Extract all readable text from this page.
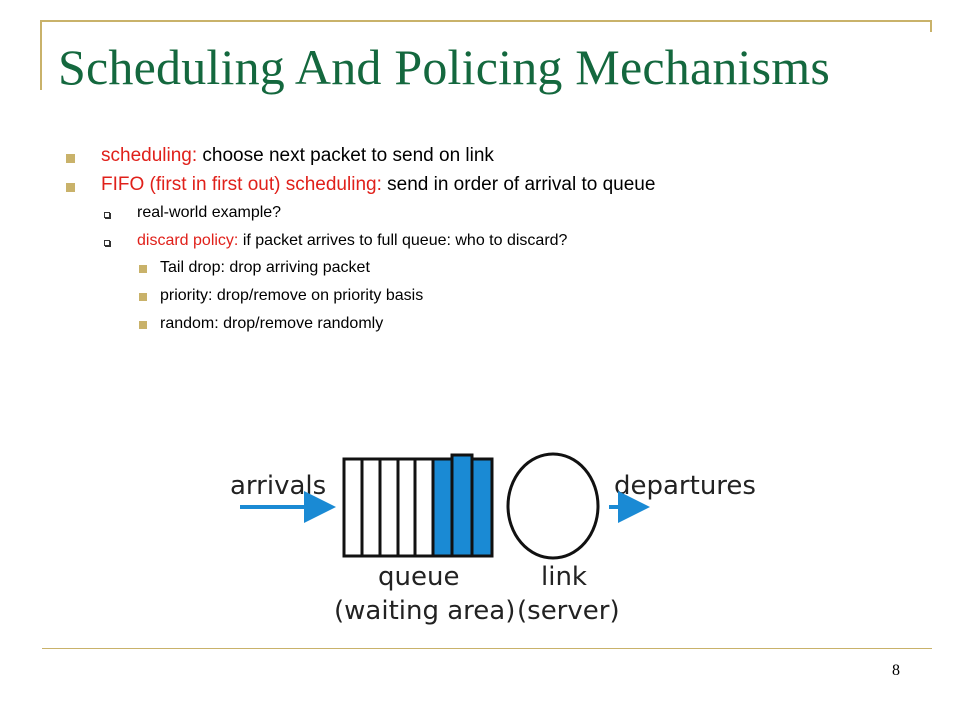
Scheduling And Policing Mechanisms
scheduling: choose next packet to send on link
FIFO (first in first out) scheduling: send in order of arrival to queue
real-world example?
discard policy: if packet arrives to full queue: who to discard?
Tail drop: drop arriving packet
priority: drop/remove on priority basis
random: drop/remove randomly
arrivals	departures
queue
(waiting area)
link
(server)
8
